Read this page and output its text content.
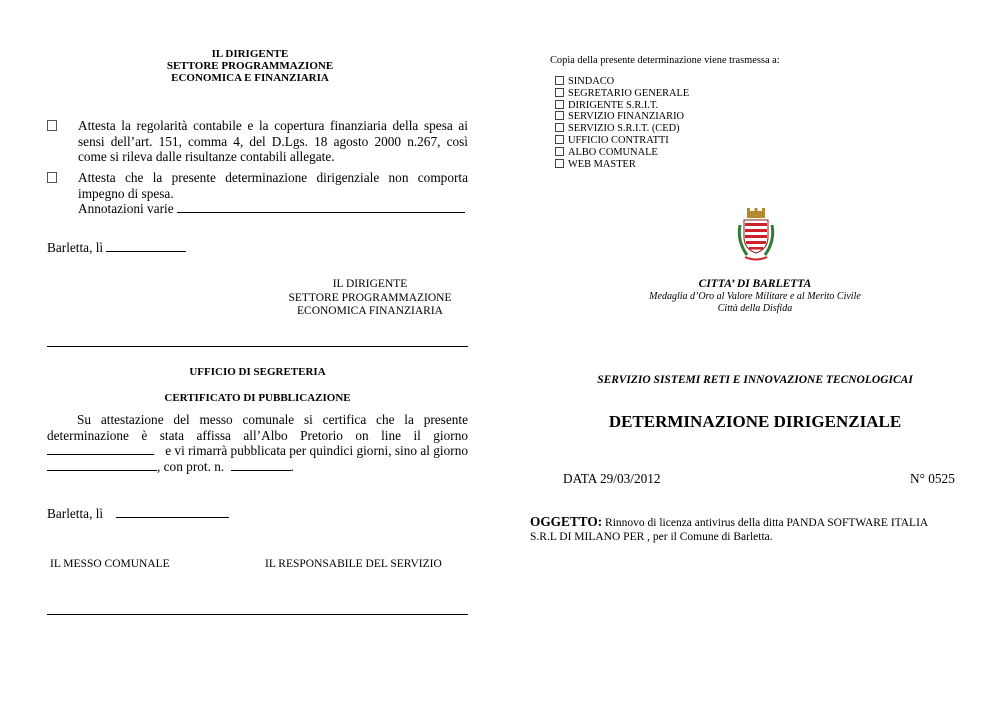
IL DIRIGENTE
SETTORE PROGRAMMAZIONE
ECONOMICA E FINANZIARIA
Attesta la regolarità contabile e la copertura finanziaria della spesa ai
sensi dell’art. 151, comma 4, del D.Lgs. 18 agosto 2000 n.267, così
come si rileva dalle risultanze contabili allegate.
Attesta che la presente determinazione dirigenziale non comporta
impegno di spesa.
Annotazioni varie
Barletta, lì
IL DIRIGENTE
SETTORE PROGRAMMAZIONE
ECONOMICA FINANZIARIA
UFFICIO DI SEGRETERIA
CERTIFICATO DI PUBBLICAZIONE
Su attestazione del messo comunale si certifica che la presente
determinazione è stata affissa all’Albo Pretorio on line il giorno
e vi rimarrà pubblicata per quindici giorni, sino al giorno
, con prot. n.	.
Barletta, lì
IL MESSO COMUNALE	IL RESPONSABILE DEL SERVIZIO
Copia della presente determinazione viene trasmessa a:
SINDACO
SEGRETARIO GENERALE
DIRIGENTE S.R.I.T.
SERVIZIO FINANZIARIO
SERVIZIO S.R.I.T. (CED)
UFFICIO CONTRATTI
ALBO COMUNALE
WEB MASTER
CITTA’ DI BARLETTA
Medaglia d’Oro al Valore Militare e al Merito Civile
Città della Disfida
SERVIZIO SISTEMI RETI E INNOVAZIONE TECNOLOGICAI
DETERMINAZIONE DIRIGENZIALE
DATA 29/03/2012	N° 0525
OGGETTO: Rinnovo di licenza antivirus della ditta PANDA SOFTWARE ITALIA
S.R.L DI MILANO PER , per il Comune di Barletta.
